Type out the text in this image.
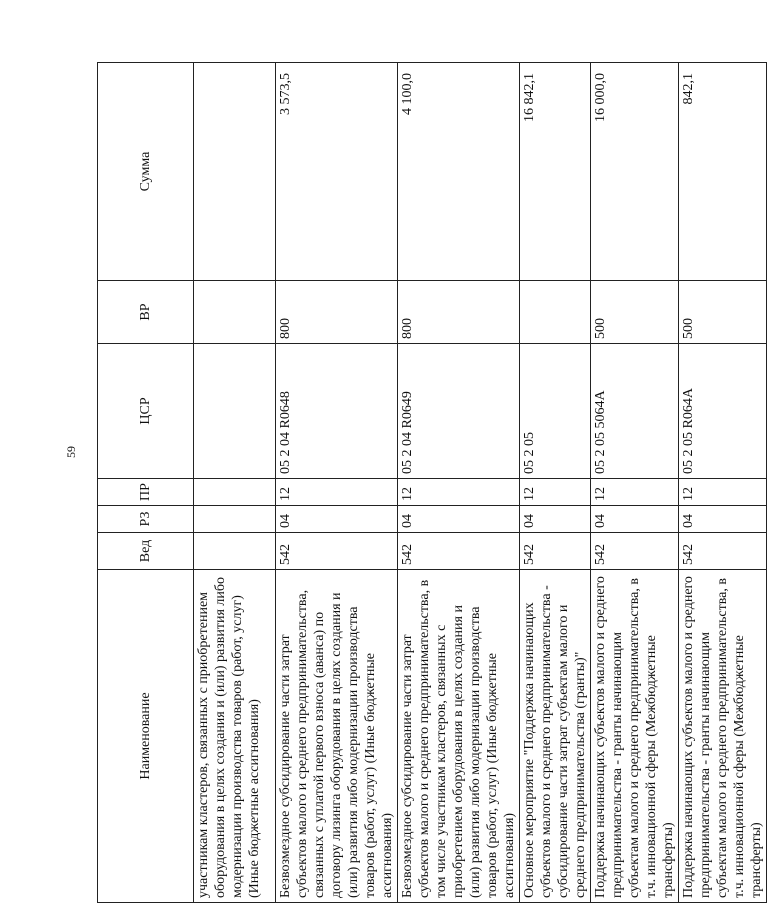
59
Наименование	Вед	РЗ	ПР	ЦСР	ВР	Сумма
участникам кластеров, связанных с приобретением оборудования в целях создания и (или) развития либо модернизации производства товаров (работ, услуг) (Иные бюджетные ассигнования)						
Безвозмездное субсидирование части затрат субъектов малого и среднего предпринимательства, связанных с уплатой первого взноса (аванса) по договору лизинга оборудования в целях создания и (или) развития либо модернизации производства товаров (работ, услуг) (Иные бюджетные ассигнования)	542	04	12	05 2 04 R0648	800	3 573,5
Безвозмездное субсидирование части затрат субъектов малого и среднего предпринимательства, в том числе участникам кластеров, связанных с приобретением оборудования в целях создания и (или) развития либо модернизации производства товаров (работ, услуг) (Иные бюджетные ассигнования)	542	04	12	05 2 04 R0649	800	4 100,0
Основное мероприятие "Поддержка начинающих субъектов малого и среднего предпринимательства - субсидирование части затрат субъектам малого и среднего предпринимательства (гранты)"	542	04	12	05 2 05		16 842,1
Поддержка начинающих субъектов малого и среднего предпринимательства - гранты начинающим субъектам малого и среднего предпринимательства, в т.ч. инновационной сферы (Межбюджетные трансферты)	542	04	12	05 2 05 5064A	500	16 000,0
Поддержка начинающих субъектов малого и среднего предпринимательства - гранты начинающим субъектам малого и среднего предпринимательства, в т.ч. инновационной сферы (Межбюджетные трансферты)	542	04	12	05 2 05 R064A	500	842,1
